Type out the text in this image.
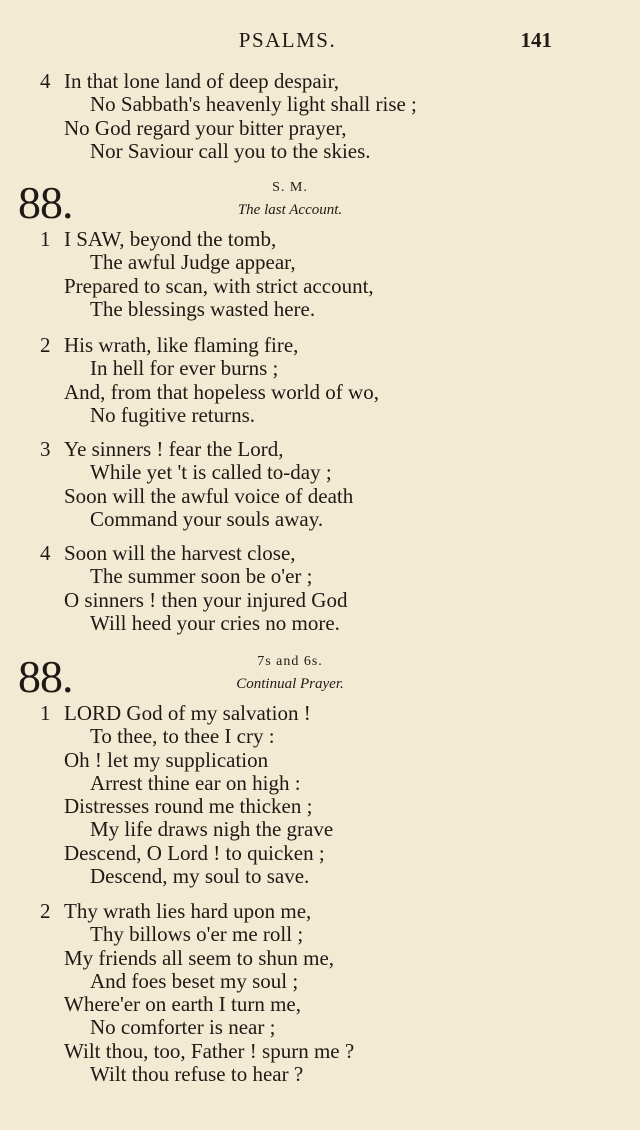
PSALMS.	141
4 In that lone land of deep despair,
No Sabbath's heavenly light shall rise ;
No God regard your bitter prayer,
Nor Saviour call you to the skies.
88.	S. M.
The last Account.
1 I SAW, beyond the tomb,
The awful Judge appear,
Prepared to scan, with strict account,
The blessings wasted here.
2 His wrath, like flaming fire,
In hell for ever burns ;
And, from that hopeless world of wo,
No fugitive returns.
3 Ye sinners ! fear the Lord,
While yet 't is called to-day ;
Soon will the awful voice of death
Command your souls away.
4 Soon will the harvest close,
The summer soon be o'er ;
O sinners ! then your injured God
Will heed your cries no more.
88.	7s and 6s.
Continual Prayer.
1 LORD God of my salvation !
To thee, to thee I cry :
Oh ! let my supplication
Arrest thine ear on high :
Distresses round me thicken ;
My life draws nigh the grave
Descend, O Lord ! to quicken ;
Descend, my soul to save.
2 Thy wrath lies hard upon me,
Thy billows o'er me roll ;
My friends all seem to shun me,
And foes beset my soul ;
Where'er on earth I turn me,
No comforter is near ;
Wilt thou, too, Father ! spurn me ?
Wilt thou refuse to hear ?
